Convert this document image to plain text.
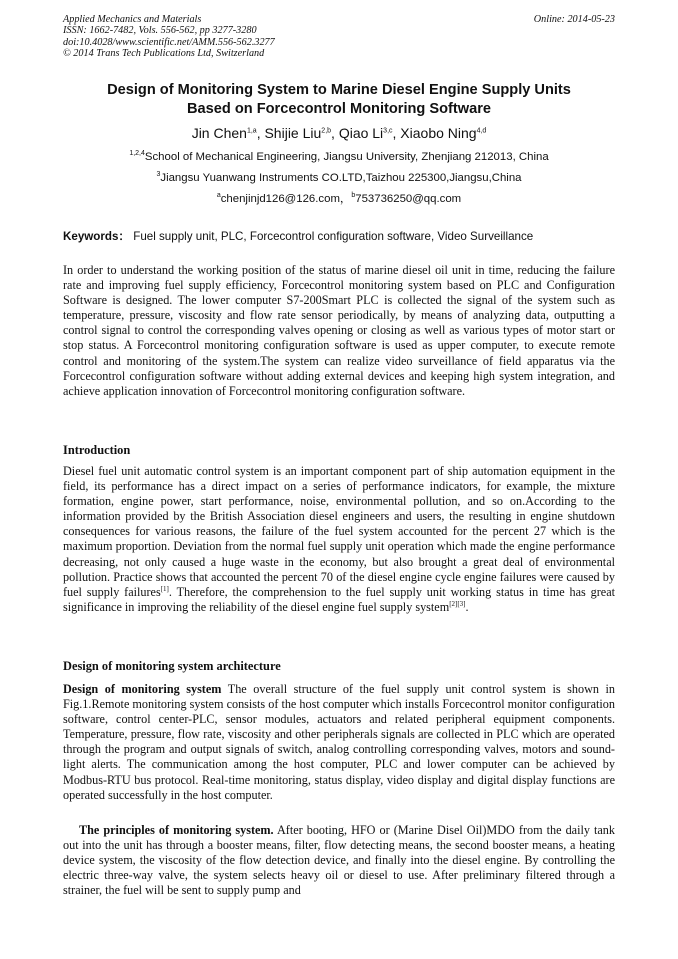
Applied Mechanics and Materials
ISSN: 1662-7482, Vols. 556-562, pp 3277-3280
doi:10.4028/www.scientific.net/AMM.556-562.3277
© 2014 Trans Tech Publications Ltd, Switzerland
Online: 2014-05-23
Design of Monitoring System to Marine Diesel Engine Supply Units
Based on Forcecontrol Monitoring Software
Jin Chen$^{1,a}$, Shijie Liu$^{2,b}$, Qiao Li$^{3,c}$, Xiaobo Ning$^{4,d}$
$^{1,2,4}$School of Mechanical Engineering, Jiangsu University, Zhenjiang 212013, China
$^3$Jiangsu Yuanwang Instruments CO.LTD,Taizhou 225300,Jiangsu,China
$^a$chenjinjd126@126.com，$^b$753736250@qq.com
Keywords： Fuel supply unit, PLC, Forcecontrol configuration software, Video Surveillance
In order to understand the working position of the status of marine diesel oil unit in time, reducing the failure rate and improving fuel supply efficiency, Forcecontrol monitoring system based on PLC and Configuration Software is designed. The lower computer S7-200Smart PLC is collected the signal of the system such as temperature, pressure, viscosity and flow rate sensor periodically, by means of analyzing data, outputting a control signal to control the corresponding valves opening or closing as well as various types of motor start or stop status. A Forcecontrol monitoring configuration software is used as upper computer, to execute remote control and monitoring of the system.The system can realize video surveillance of field apparatus via the Forcecontrol configuration software without adding external devices and keeping high system integration, and achieve application innovation of Forcecontrol monitoring configuration software.
Introduction
Diesel fuel unit automatic control system is an important component part of ship automation equipment in the field, its performance has a direct impact on a series of performance indicators, for example, the mixture formation, engine power, start performance, noise, environmental pollution, and so on.According to the information provided by the British Association diesel engineers and users, the resulting in engine shutdown consequences for various reasons, the failure of the fuel system accounted for the percent 27 which is the maximum proportion. Deviation from the normal fuel supply unit operation which made the engine performance decreasing, not only caused a huge waste in the economy, but also brought a great deal of environmental pollution. Practice shows that accounted the percent 70 of the diesel engine cycle engine failures were caused by fuel supply failures[1]. Therefore, the comprehension to the fuel supply unit working status in time has great significance in improving the reliability of the diesel engine fuel supply system[2][3].
Design of monitoring system architecture
Design of monitoring system The overall structure of the fuel supply unit control system is shown in Fig.1.Remote monitoring system consists of the host computer which installs Forcecontrol monitor configuration software, control center-PLC, sensor modules, actuators and related peripheral equipment components. Temperature, pressure, flow rate, viscosity and other peripherals signals are collected in PLC which are operated through the program and output signals of switch, analog controlling corresponding valves, motors and sound-light alerts. The communication among the host computer, PLC and lower computer can be achieved by Modbus-RTU bus protocol. Real-time monitoring, status display, video display and digital display functions are operated successfully in the host computer.
The principles of monitoring system. After booting, HFO or (Marine Disel Oil)MDO from the daily tank out into the unit has through a booster means, filter, flow detecting means, the second booster means, a heating device system, the viscosity of the flow detection device, and finally into the diesel engine. By controlling the electric three-way valve, the system selects heavy oil or diesel to use. After preliminary filtered through a strainer, the fuel will be sent to supply pump and
